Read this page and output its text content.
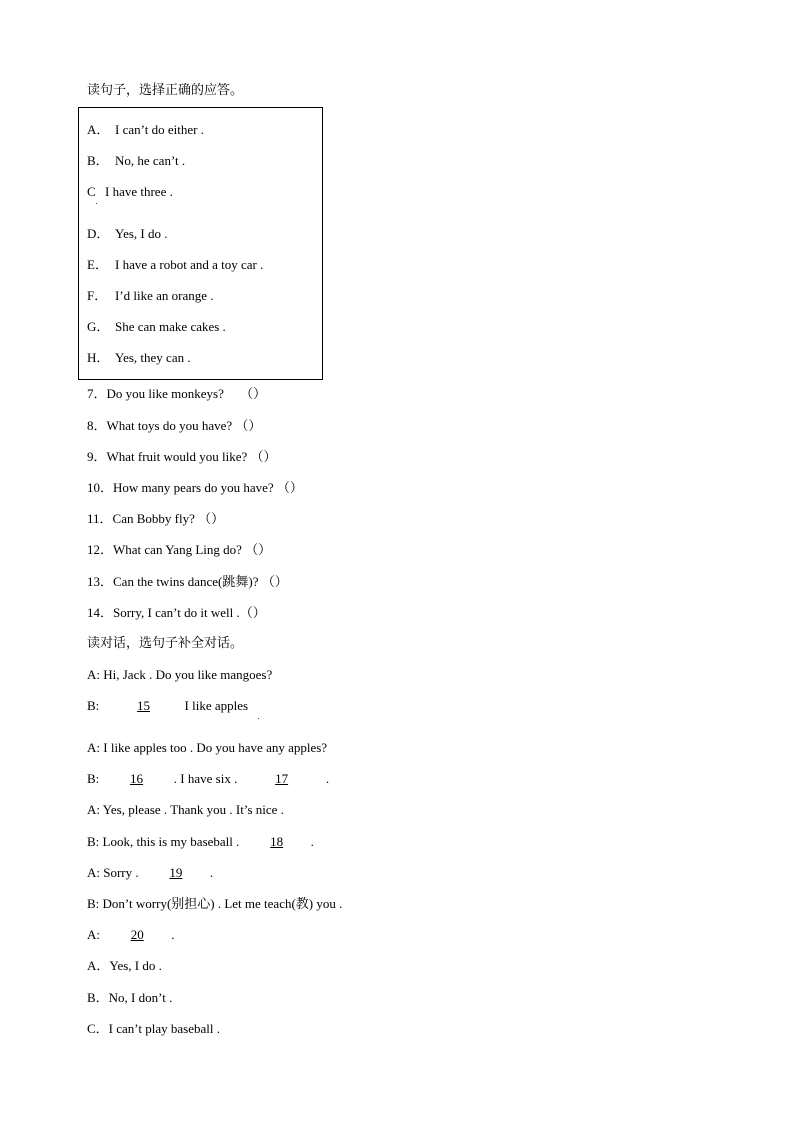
读句子，选择正确的应答。
A． I can’t do either .
B． No, he can’t .
C I have three .
D． Yes, I do .
E． I have a robot and a toy car .
F． I’d like an orange .
G． She can make cakes .
H． Yes, they can .
7．Do you like monkeys?　 （）
8．What toys do you have? （）
9．What fruit would you like? （）
10．How many pears do you have? （）
11．Can Bobby fly? （）
12．What can Yang Ling do? （）
13．Can the twins dance(跳舞)? （）
14．Sorry, I can’t do it well .（）
读对话，选句子补全对话。
A: Hi, Jack . Do you like mangoes?
B:	15	I like apples
A: I like apples too . Do you have any apples?
B: 16 . I have six .	17	.
A: Yes, please . Thank you . It’s nice .
B: Look, this is my baseball . 18 .
A: Sorry . 19 .
B: Don’t worry(别担心) . Let me teach(教) you .
A: 20 .
A．Yes, I do .
B．No, I don’t .
C．I can’t play baseball .
